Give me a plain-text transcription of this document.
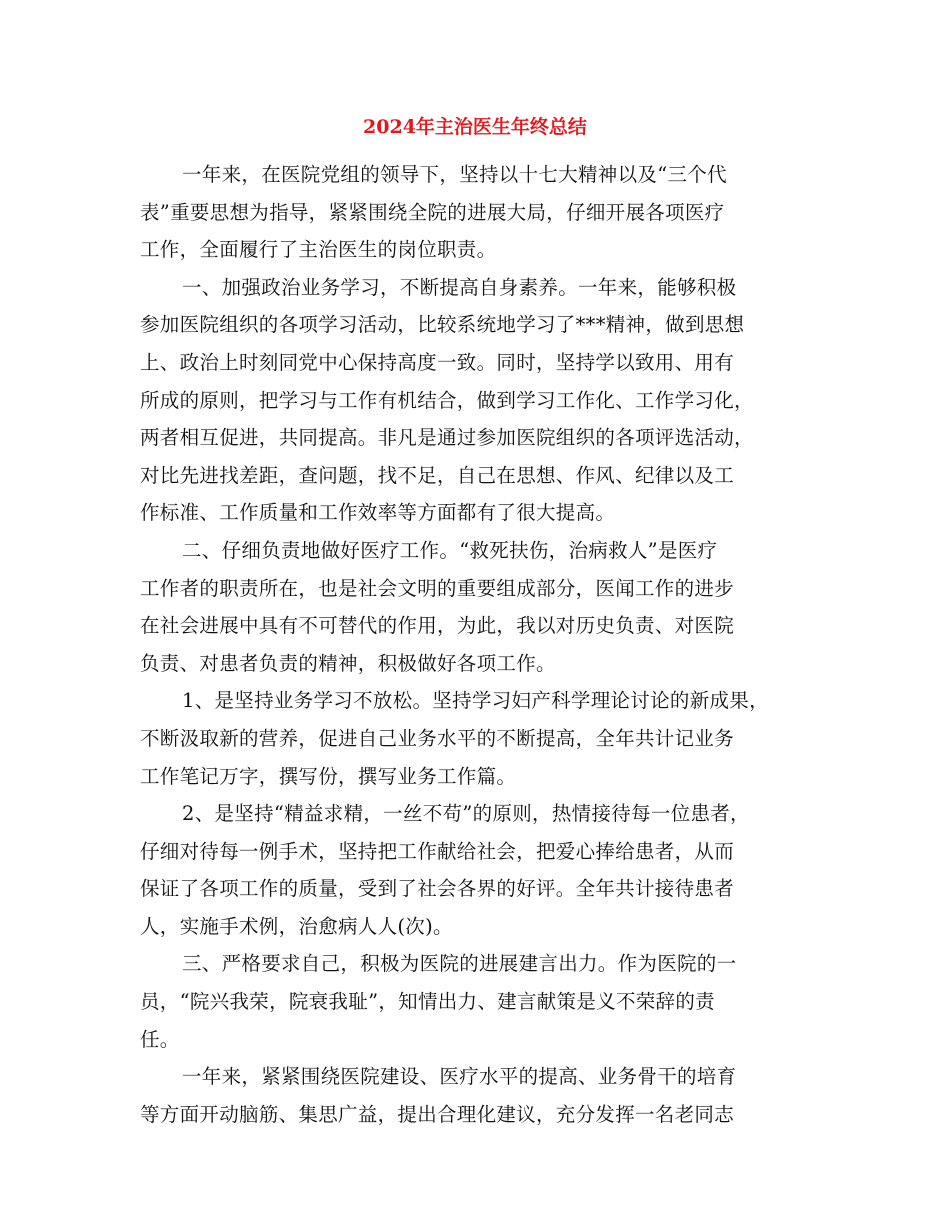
2024年主治医生年终总结
一年来，在医院党组的领导下，坚持以十七大精神以及“三个代
表”重要思想为指导，紧紧围绕全院的进展大局，仔细开展各项医疗
工作，全面履行了主治医生的岗位职责。
一、加强政治业务学习，不断提高自身素养。一年来，能够积极
参加医院组织的各项学习活动，比较系统地学习了***精神，做到思想
上、政治上时刻同党中心保持高度一致。同时，坚持学以致用、用有
所成的原则，把学习与工作有机结合，做到学习工作化、工作学习化，
两者相互促进，共同提高。非凡是通过参加医院组织的各项评选活动，
对比先进找差距，查问题，找不足，自己在思想、作风、纪律以及工
作标准、工作质量和工作效率等方面都有了很大提高。
二、仔细负责地做好医疗工作。“救死扶伤，治病救人”是医疗
工作者的职责所在，也是社会文明的重要组成部分，医闻工作的进步
在社会进展中具有不可替代的作用，为此，我以对历史负责、对医院
负责、对患者负责的精神，积极做好各项工作。
1、是坚持业务学习不放松。坚持学习妇产科学理论讨论的新成果，
不断汲取新的营养，促进自己业务水平的不断提高，全年共计记业务
工作笔记万字，撰写份，撰写业务工作篇。
2、是坚持“精益求精，一丝不苟”的原则，热情接待每一位患者，
仔细对待每一例手术，坚持把工作献给社会，把爱心捧给患者，从而
保证了各项工作的质量，受到了社会各界的好评。全年共计接待患者
人，实施手术例，治愈病人人(次)。
三、严格要求自己，积极为医院的进展建言出力。作为医院的一
员，“院兴我荣，院衰我耻”，知情出力、建言献策是义不荣辞的责
任。
一年来，紧紧围绕医院建设、医疗水平的提高、业务骨干的培育
等方面开动脑筋、集思广益，提出合理化建议，充分发挥一名老同志
